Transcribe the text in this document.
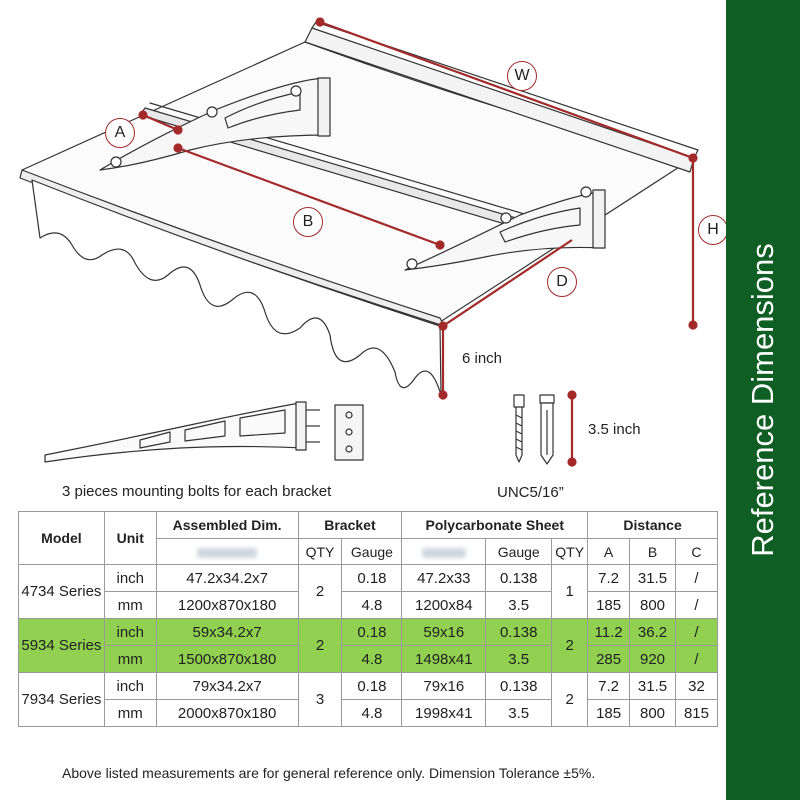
W
A
B
D
H
6 inch
3.5 inch
3 pieces mounting bolts for each bracket	UNC5/16”	Reference Dimensions
Model	Unit	Assembled Dim.	Bracket		Polycarbonate Sheet			Distance		
			QTY	Gauge		Gauge	QTY	A	B	C
4734 Series	inch	47.2x34.2x7	2	0.18	47.2x33	0.138	1	7.2	31.5	/
	mm	1200x870x180		4.8	1200x84	3.5		185	800	/
5934 Series	inch	59x34.2x7	2	0.18	59x16	0.138	2	11.2	36.2	/
	mm	1500x870x180		4.8	1498x41	3.5		285	920	/
7934 Series	inch	79x34.2x7	3	0.18	79x16	0.138	2	7.2	31.5	32
	mm	2000x870x180		4.8	1998x41	3.5		185	800	815
Above listed measurements are for general reference only. Dimension Tolerance ±5%.
